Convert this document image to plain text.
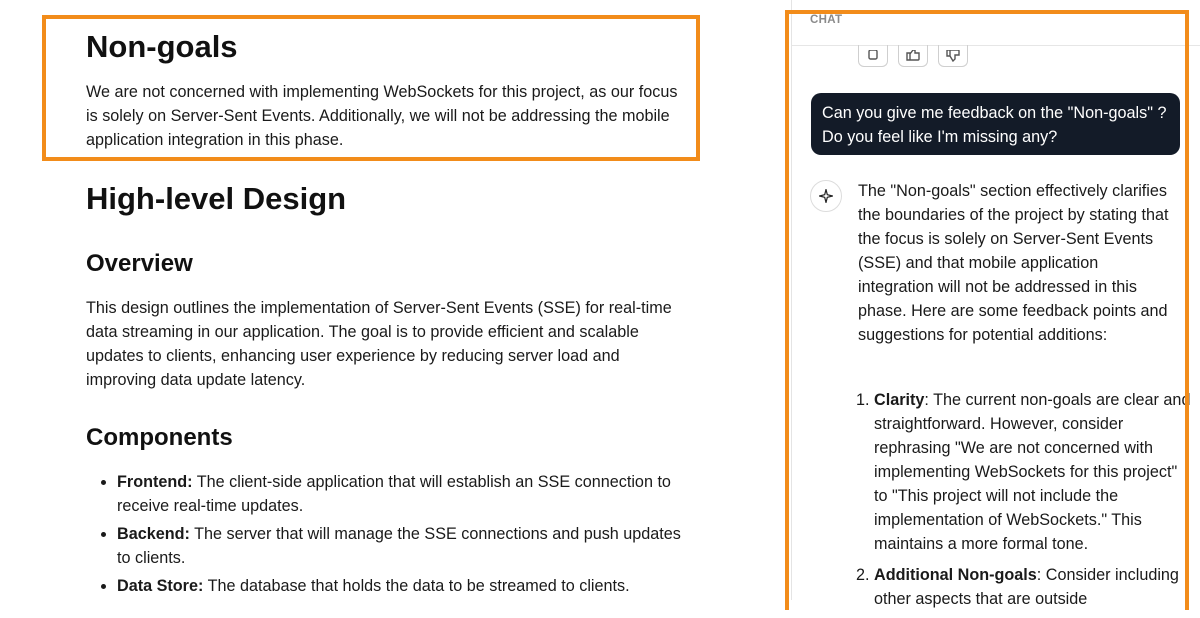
Non-goals

We are not concerned with implementing WebSockets for this project, as our focus is solely on Server-Sent Events. Additionally, we will not be addressing the mobile application integration in this phase.

High-level Design
Overview

This design outlines the implementation of Server-Sent Events (SSE) for real-time data streaming in our application. The goal is to provide efficient and scalable updates to clients, enhancing user experience by reducing server load and improving data update latency.

Components
• Frontend: The client-side application that will establish an SSE connection to receive real-time updates.
• Backend: The server that will manage the SSE connections and push updates to clients.
• Data Store: The database that holds the data to be streamed to clients.
CHAT
Can you give me feedback on the "Non-goals" ? Do you feel like I'm missing any?

The "Non-goals" section effectively clarifies the boundaries of the project by stating that the focus is solely on Server-Sent Events (SSE) and that mobile application integration will not be addressed in this phase. Here are some feedback points and suggestions for potential additions:

1. Clarity: The current non-goals are clear and straightforward. However, consider rephrasing "We are not concerned with implementing WebSockets for this project" to "This project will not include the implementation of WebSockets." This maintains a more formal tone.
2. Additional Non-goals: Consider including other aspects that are outside
